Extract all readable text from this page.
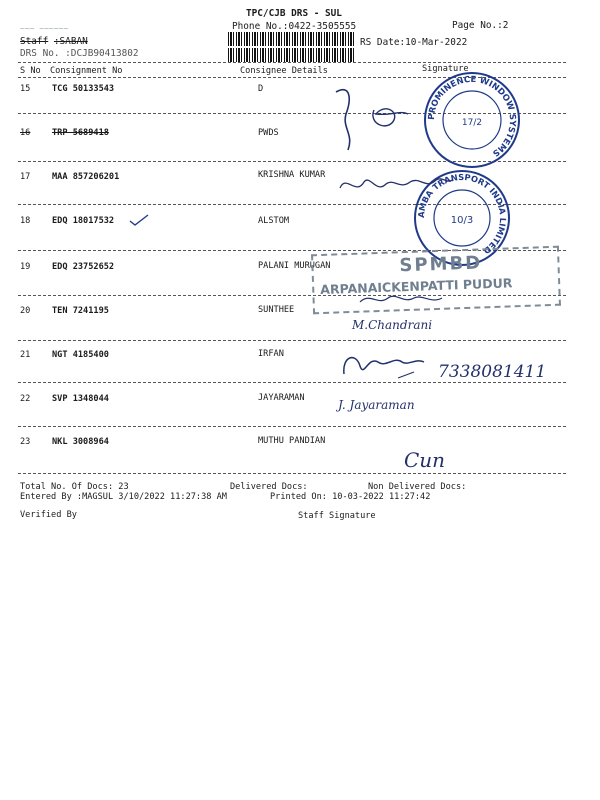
TPC/CJB DRS - SUL
Phone No.:0422-3505555	Page No.:2
RS Date:10-Mar-2022
~~~ ~~~~~~
Staff :SABAN
DRS No. :DCJB90413802
S No Consignment No	Consignee Details	Signature
15	TCG 50133543	D
16	TRP 5689418	PWDS
17	MAA 857206201	KRISHNA KUMAR
18	EDQ 18017532	ALSTOM
19	EDQ 23752652	PALANI MURUGAN
20	TEN 7241195	SUNTHEE
21	NGT 4185400	IRFAN
22	SVP 1348044	JAYARAMAN
23	NKL 3008964	MUTHU PANDIAN
Total No. Of Docs: 23	Delivered Docs:	Non Delivered Docs:
Entered By :MAGSUL 3/10/2022 11:27:38 AM	Printed On: 10-03-2022 11:27:42
Verified By	Staff Signature
PROMINENCE WINDOW SYSTEMS
17/2
AMBA TRANSPORT INDIA LIMITED
10/3
SPMBD
ARPANAICKENPATTI PUDUR
M.Chandrani
7338081411
J. Jayaraman
Cun
